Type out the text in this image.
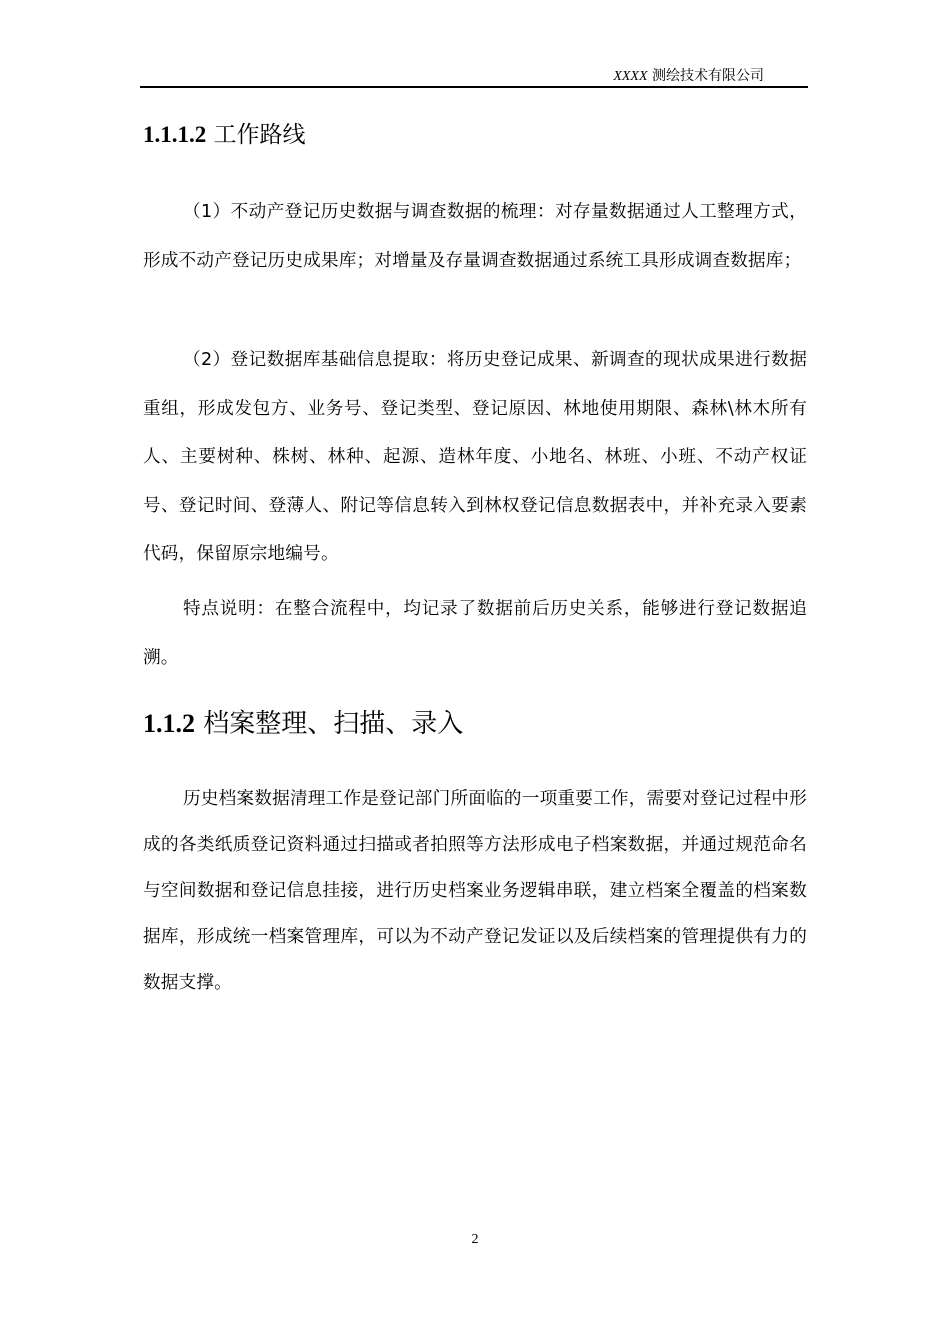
XXXX 测绘技术有限公司
1.1.1.2 工作路线

（1）不动产登记历史数据与调查数据的梳理：对存量数据通过人工整理方式，形成不动产登记历史成果库；对增量及存量调查数据通过系统工具形成调查数据库；

（2）登记数据库基础信息提取：将历史登记成果、新调查的现状成果进行数据重组，形成发包方、业务号、登记类型、登记原因、林地使用期限、森林\林木所有人、主要树种、株树、林种、起源、造林年度、小地名、林班、小班、不动产权证号、登记时间、登薄人、附记等信息转入到林权登记信息数据表中，并补充录入要素代码，保留原宗地编号。

特点说明：在整合流程中，均记录了数据前后历史关系，能够进行登记数据追溯。

1.1.2 档案整理、扫描、录入

历史档案数据清理工作是登记部门所面临的一项重要工作，需要对登记过程中形成的各类纸质登记资料通过扫描或者拍照等方法形成电子档案数据，并通过规范命名与空间数据和登记信息挂接，进行历史档案业务逻辑串联，建立档案全覆盖的档案数据库，形成统一档案管理库，可以为不动产登记发证以及后续档案的管理提供有力的数据支撑。

2
